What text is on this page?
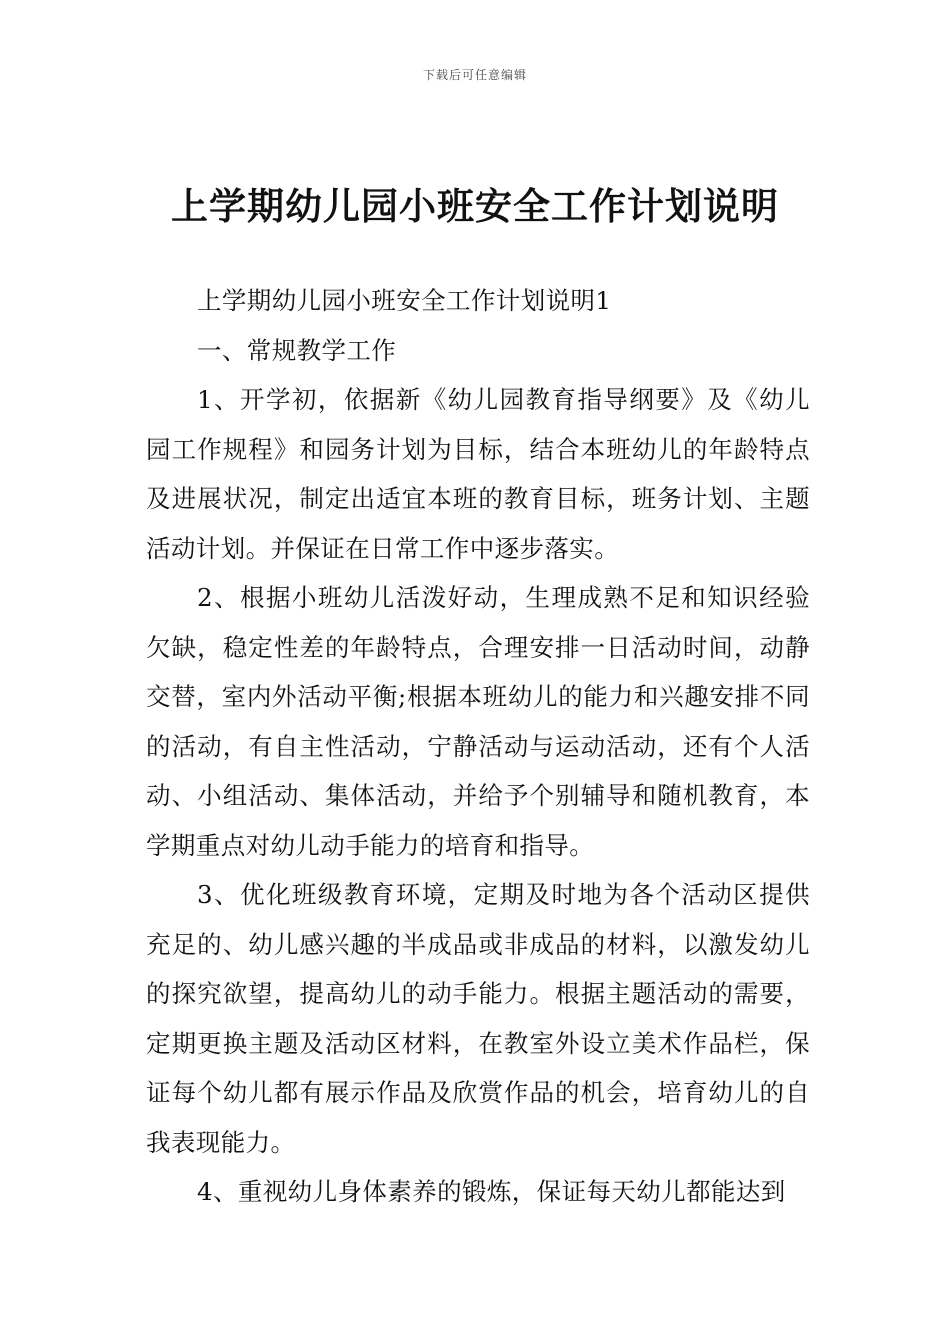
下载后可任意编辑
上学期幼儿园小班安全工作计划说明

上学期幼儿园小班安全工作计划说明1

一、常规教学工作

1、开学初，依据新《幼儿园教育指导纲要》及《幼儿园工作规程》和园务计划为目标，结合本班幼儿的年龄特点及进展状况，制定出适宜本班的教育目标，班务计划、主题活动计划。并保证在日常工作中逐步落实。

2、根据小班幼儿活泼好动，生理成熟不足和知识经验欠缺，稳定性差的年龄特点，合理安排一日活动时间，动静交替，室内外活动平衡;根据本班幼儿的能力和兴趣安排不同的活动，有自主性活动，宁静活动与运动活动，还有个人活动、小组活动、集体活动，并给予个别辅导和随机教育，本学期重点对幼儿动手能力的培育和指导。

3、优化班级教育环境，定期及时地为各个活动区提供充足的、幼儿感兴趣的半成品或非成品的材料，以激发幼儿的探究欲望，提高幼儿的动手能力。根据主题活动的需要，定期更换主题及活动区材料，在教室外设立美术作品栏，保证每个幼儿都有展示作品及欣赏作品的机会，培育幼儿的自我表现能力。

4、重视幼儿身体素养的锻炼，保证每天幼儿都能达到
